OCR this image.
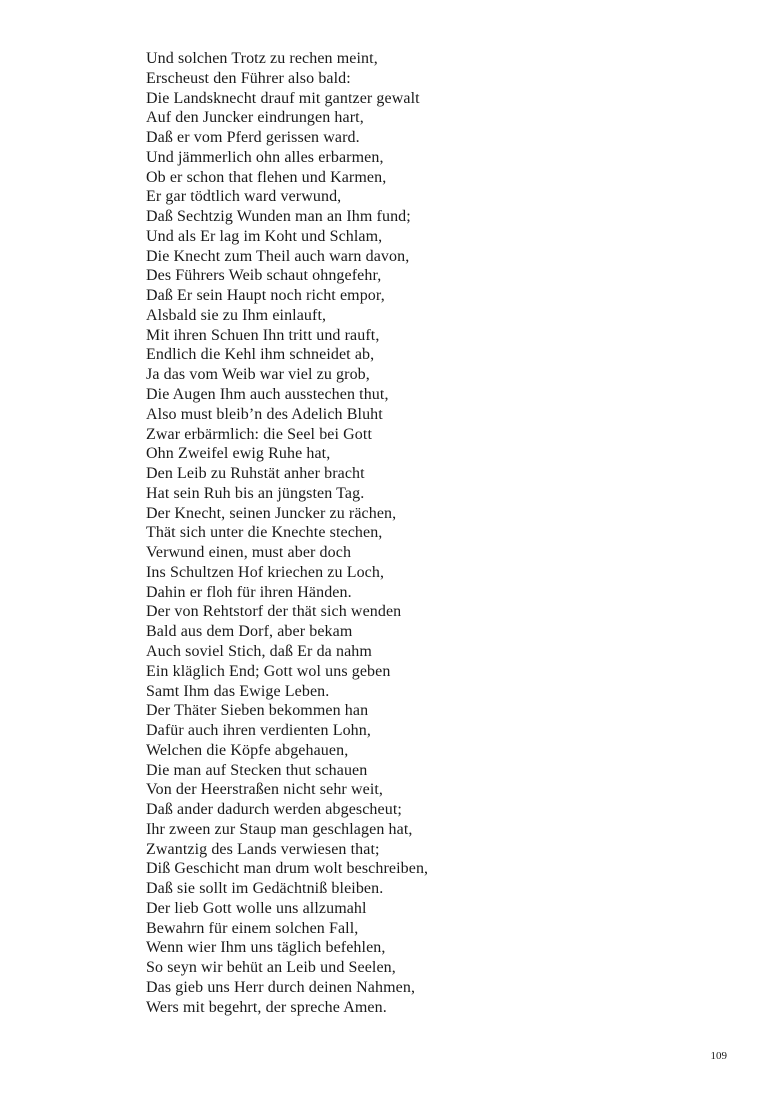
Und solchen Trotz zu rechen meint,
Erscheust den Führer also bald:
Die Landsknecht drauf mit gantzer gewalt
Auf den Juncker eindrungen hart,
Daß er vom Pferd gerissen ward.
Und jämmerlich ohn alles erbarmen,
Ob er schon that flehen und Karmen,
Er gar tödtlich ward verwund,
Daß Sechtzig Wunden man an Ihm fund;
Und als Er lag im Koht und Schlam,
Die Knecht zum Theil auch warn davon,
Des Führers Weib schaut ohngefehr,
Daß Er sein Haupt noch richt empor,
Alsbald sie zu Ihm einlauft,
Mit ihren Schuen Ihn tritt und rauft,
Endlich die Kehl ihm schneidet ab,
Ja das vom Weib war viel zu grob,
Die Augen Ihm auch ausstechen thut,
Also must bleib’n des Adelich Bluht
Zwar erbärmlich: die Seel bei Gott
Ohn Zweifel ewig Ruhe hat,
Den Leib zu Ruhstät anher bracht
Hat sein Ruh bis an jüngsten Tag.
Der Knecht, seinen Juncker zu rächen,
Thät sich unter die Knechte stechen,
Verwund einen, must aber doch
Ins Schultzen Hof kriechen zu Loch,
Dahin er floh für ihren Händen.
Der von Rehtstorf der thät sich wenden
Bald aus dem Dorf, aber bekam
Auch soviel Stich, daß Er da nahm
Ein kläglich End; Gott wol uns geben
Samt Ihm das Ewige Leben.
Der Thäter Sieben bekommen han
Dafür auch ihren verdienten Lohn,
Welchen die Köpfe abgehauen,
Die man auf Stecken thut schauen
Von der Heerstraßen nicht sehr weit,
Daß ander dadurch werden abgescheut;
Ihr zween zur Staup man geschlagen hat,
Zwantzig des Lands verwiesen that;
Diß Geschicht man drum wolt beschreiben,
Daß sie sollt im Gedächtniß bleiben.
Der lieb Gott wolle uns allzumahl
Bewahrn für einem solchen Fall,
Wenn wier Ihm uns täglich befehlen,
So seyn wir behüt an Leib und Seelen,
Das gieb uns Herr durch deinen Nahmen,
Wers mit begehrt, der spreche Amen.
109
